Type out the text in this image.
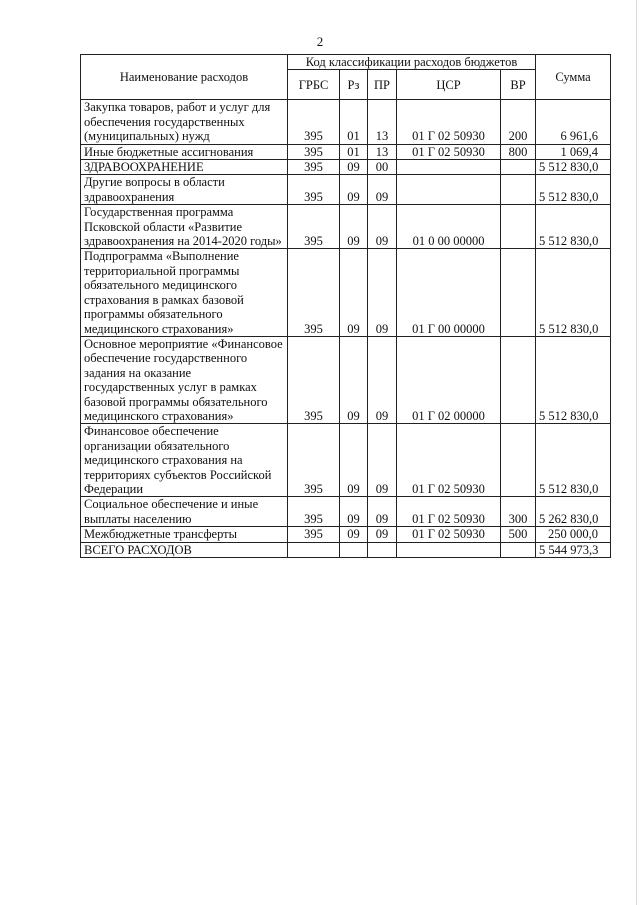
2
Наименование расходов	Код классификации расходов бюджетов					Сумма
	ГРБС	Рз	ПР	ЦСР	ВР	
Закупка товаров, работ и услуг для обеспечения государственных (муниципальных) нужд	395	01	13	01 Г 02 50930	200	6 961,6
Иные бюджетные ассигнования	395	01	13	01 Г 02 50930	800	1 069,4
ЗДРАВООХРАНЕНИЕ	395	09	00			5 512 830,0
Другие вопросы в области здравоохранения	395	09	09			5 512 830,0
Государственная программа Псковской области «Развитие здравоохранения на 2014-2020 годы»	395	09	09	01 0 00 00000		5 512 830,0
Подпрограмма «Выполнение территориальной программы обязательного медицинского страхования в рамках базовой программы обязательного медицинского страхования»	395	09	09	01 Г 00 00000		5 512 830,0
Основное мероприятие «Финансовое обеспечение государственного задания на оказание государственных услуг в рамках базовой программы обязательного медицинского страхования»	395	09	09	01 Г 02 00000		5 512 830,0
Финансовое обеспечение организации обязательного медицинского страхования на территориях субъектов Российской Федерации	395	09	09	01 Г 02 50930		5 512 830,0
Социальное обеспечение и иные выплаты населению	395	09	09	01 Г 02 50930	300	5 262 830,0
Межбюджетные трансферты	395	09	09	01 Г 02 50930	500	250 000,0
ВСЕГО РАСХОДОВ						5 544 973,3
